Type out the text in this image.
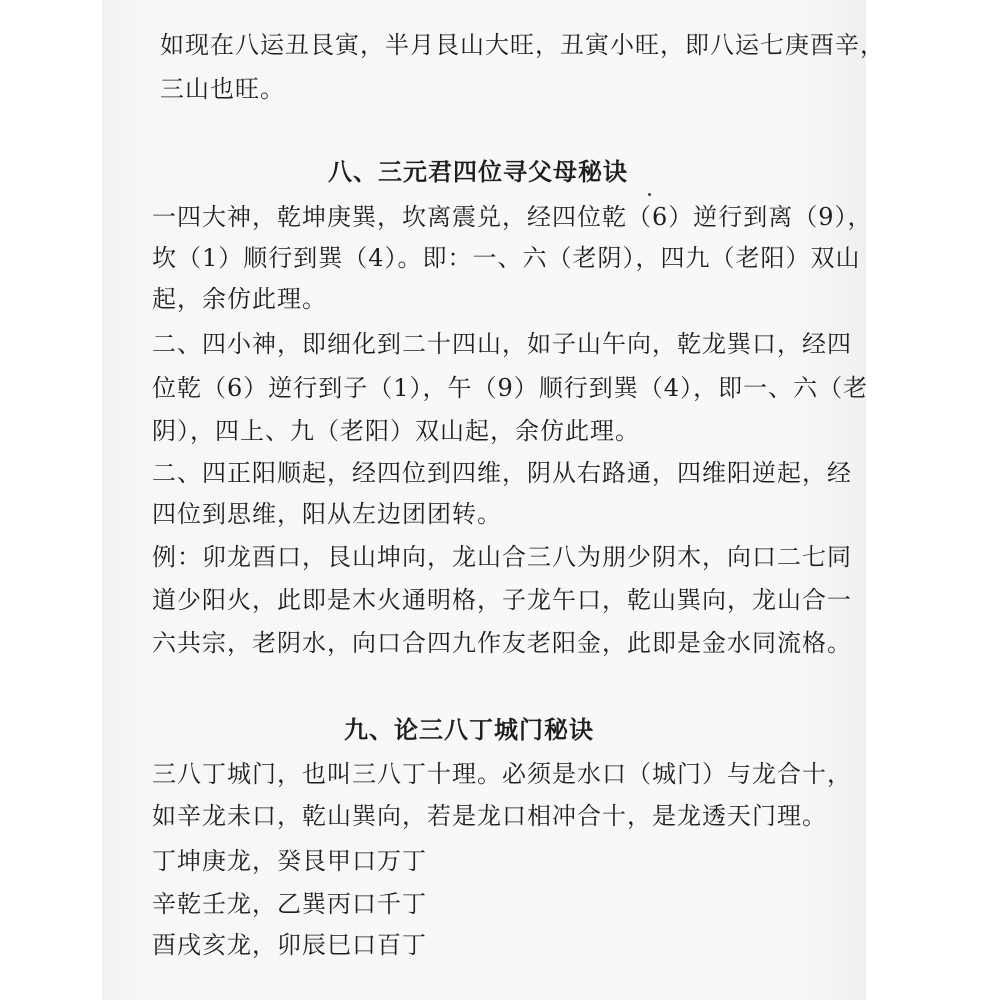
如现在八运丑艮寅，半月艮山大旺，丑寅小旺，即八运七庚酉辛，
三山也旺。
八、三元君四位寻父母秘诀
一四大神，乾坤庚巽，坎离震兑，经四位乾（6）逆行到离（9），
坎（1）顺行到巽（4）。即：一、六（老阴），四九（老阳）双山
起，余仿此理。
二、四小神，即细化到二十四山，如子山午向，乾龙巽口，经四
位乾（6）逆行到子（1），午（9）顺行到巽（4），即一、六（老
阴），四上、九（老阳）双山起，余仿此理。
二、四正阳顺起，经四位到四维，阴从右路通，四维阳逆起，经
四位到思维，阳从左边团团转。
例：卯龙酉口，艮山坤向，龙山合三八为朋少阴木，向口二七同
道少阳火，此即是木火通明格，子龙午口，乾山巽向，龙山合一
六共宗，老阴水，向口合四九作友老阳金，此即是金水同流格。
九、论三八丁城门秘诀
三八丁城门，也叫三八丁十理。必须是水口（城门）与龙合十，
如辛龙未口，乾山巽向，若是龙口相冲合十，是龙透天门理。
丁坤庚龙，癸艮甲口万丁
辛乾壬龙，乙巽丙口千丁
酉戌亥龙，卯辰巳口百丁
